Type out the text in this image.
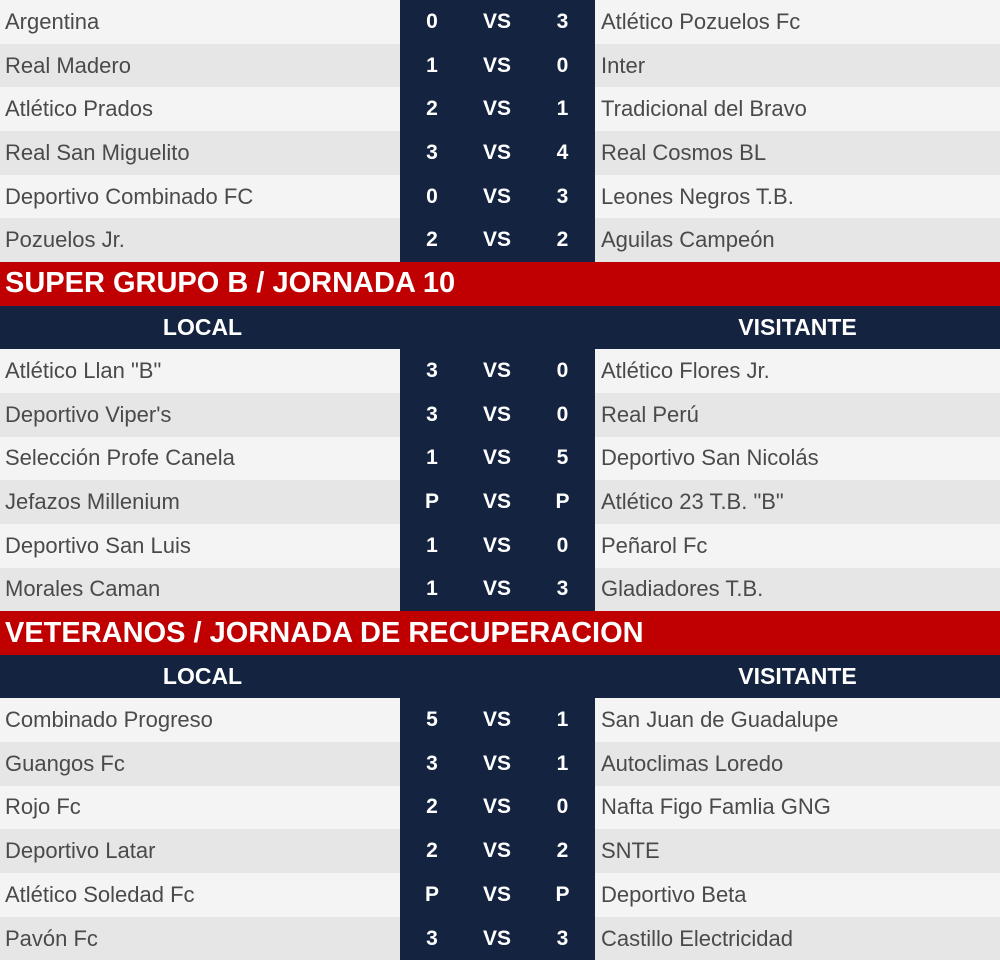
Argentina	0	VS	3	Atlético Pozuelos Fc
Real Madero	1	VS	0	Inter
Atlético Prados	2	VS	1	Tradicional del Bravo
Real San Miguelito	3	VS	4	Real Cosmos BL
Deportivo Combinado FC	0	VS	3	Leones Negros T.B.
Pozuelos Jr.	2	VS	2	Aguilas Campeón
SUPER GRUPO B / JORNADA 10
LOCAL	VISITANTE
Atlético Llan "B"	3	VS	0	Atlético Flores Jr.
Deportivo Viper's	3	VS	0	Real Perú
Selección Profe Canela	1	VS	5	Deportivo San Nicolás
Jefazos Millenium	P	VS	P	Atlético 23 T.B. "B"
Deportivo San Luis	1	VS	0	Peñarol Fc
Morales Caman	1	VS	3	Gladiadores T.B.
VETERANOS / JORNADA DE RECUPERACION
LOCAL	VISITANTE
Combinado Progreso	5	VS	1	San Juan de Guadalupe
Guangos Fc	3	VS	1	Autoclimas Loredo
Rojo Fc	2	VS	0	Nafta Figo Famlia GNG
Deportivo Latar	2	VS	2	SNTE
Atlético Soledad Fc	P	VS	P	Deportivo Beta
Pavón Fc	3	VS	3	Castillo Electricidad
